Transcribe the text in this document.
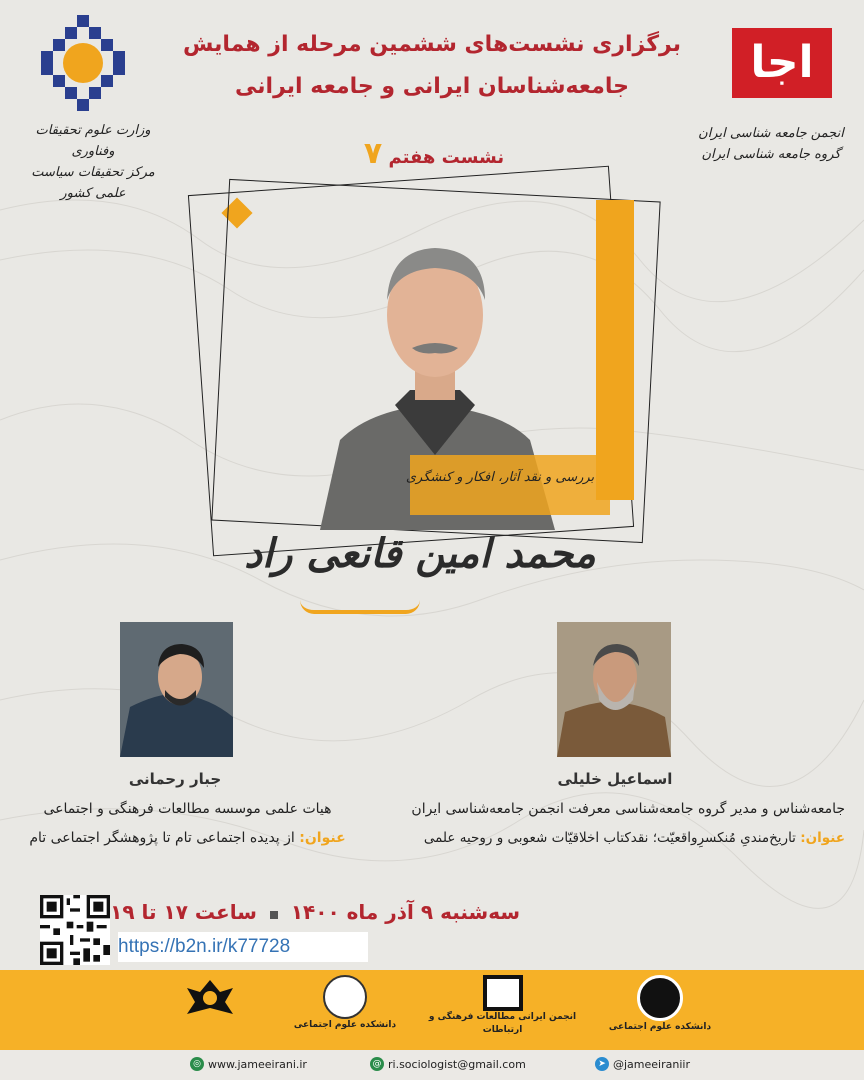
وزارت علوم تحقیقات وفناوری
مرکز تحقیقات سیاست علمی کشور
اجا
انجمن جامعه شناسی ایران
گروه جامعه شناسی ایران
برگزاری نشست‌های ششمین مرحله از همایش
جامعه‌شناسان ایرانی و جامعه ایرانی
نشست هفتم ۷
بررسی و نقد آثار، افکار و کنشگری
محمد امین قانعی راد
جبار رحمانی
هیات علمی موسسه مطالعات فرهنگی و اجتماعی
عنوان: از پدیده اجتماعی تام تا پژوهشگر اجتماعی تام
اسماعیل خلیلی
جامعه‌شناس و مدیر گروه جامعه‌شناسی معرفت انجمن جامعه‌شناسی ایران
عنوان: تاریخ‌مندیِ مُنکسرِواقعیّت؛ نقدکتاب اخلاقیّات شعوبی و روحیه علمی
سه‌شنبه ۹ آذر ماه ۱۴۰۰  ساعت ۱۷ تا ۱۹
https://b2n.ir/k77728
دانشکده علوم اجتماعی
انجمن ایرانی مطالعات فرهنگی و ارتباطات
دانشکده علوم اجتماعی
➤ @jameeiraniir
@ ri.sociologist@gmail.com
◎ www.jameeirani.ir
